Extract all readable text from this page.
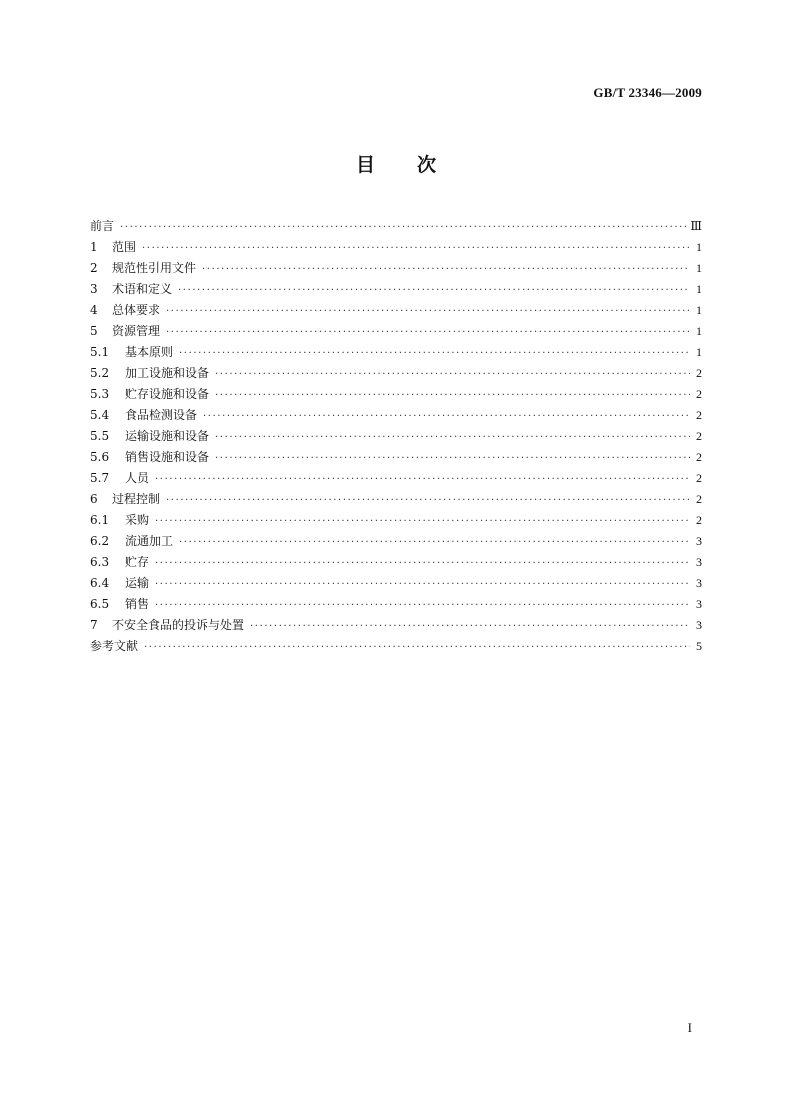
GB/T 23346—2009
目 次
前言 ·····	Ⅲ
1	范围 ·····	1
2	规范性引用文件 ·····	1
3	术语和定义 ·····	1
4	总体要求 ·····	1
5	资源管理 ·····	1
5.1	基本原则 ·····	1
5.2	加工设施和设备 ·····	2
5.3	贮存设施和设备 ·····	2
5.4	食品检测设备 ·····	2
5.5	运输设施和设备 ·····	2
5.6	销售设施和设备 ·····	2
5.7	人员 ·····	2
6	过程控制 ·····	2
6.1	采购 ·····	2
6.2	流通加工 ·····	3
6.3	贮存 ·····	3
6.4	运输 ·····	3
6.5	销售 ·····	3
7	不安全食品的投诉与处置 ·····	3
参考文献 ·····	5
I
